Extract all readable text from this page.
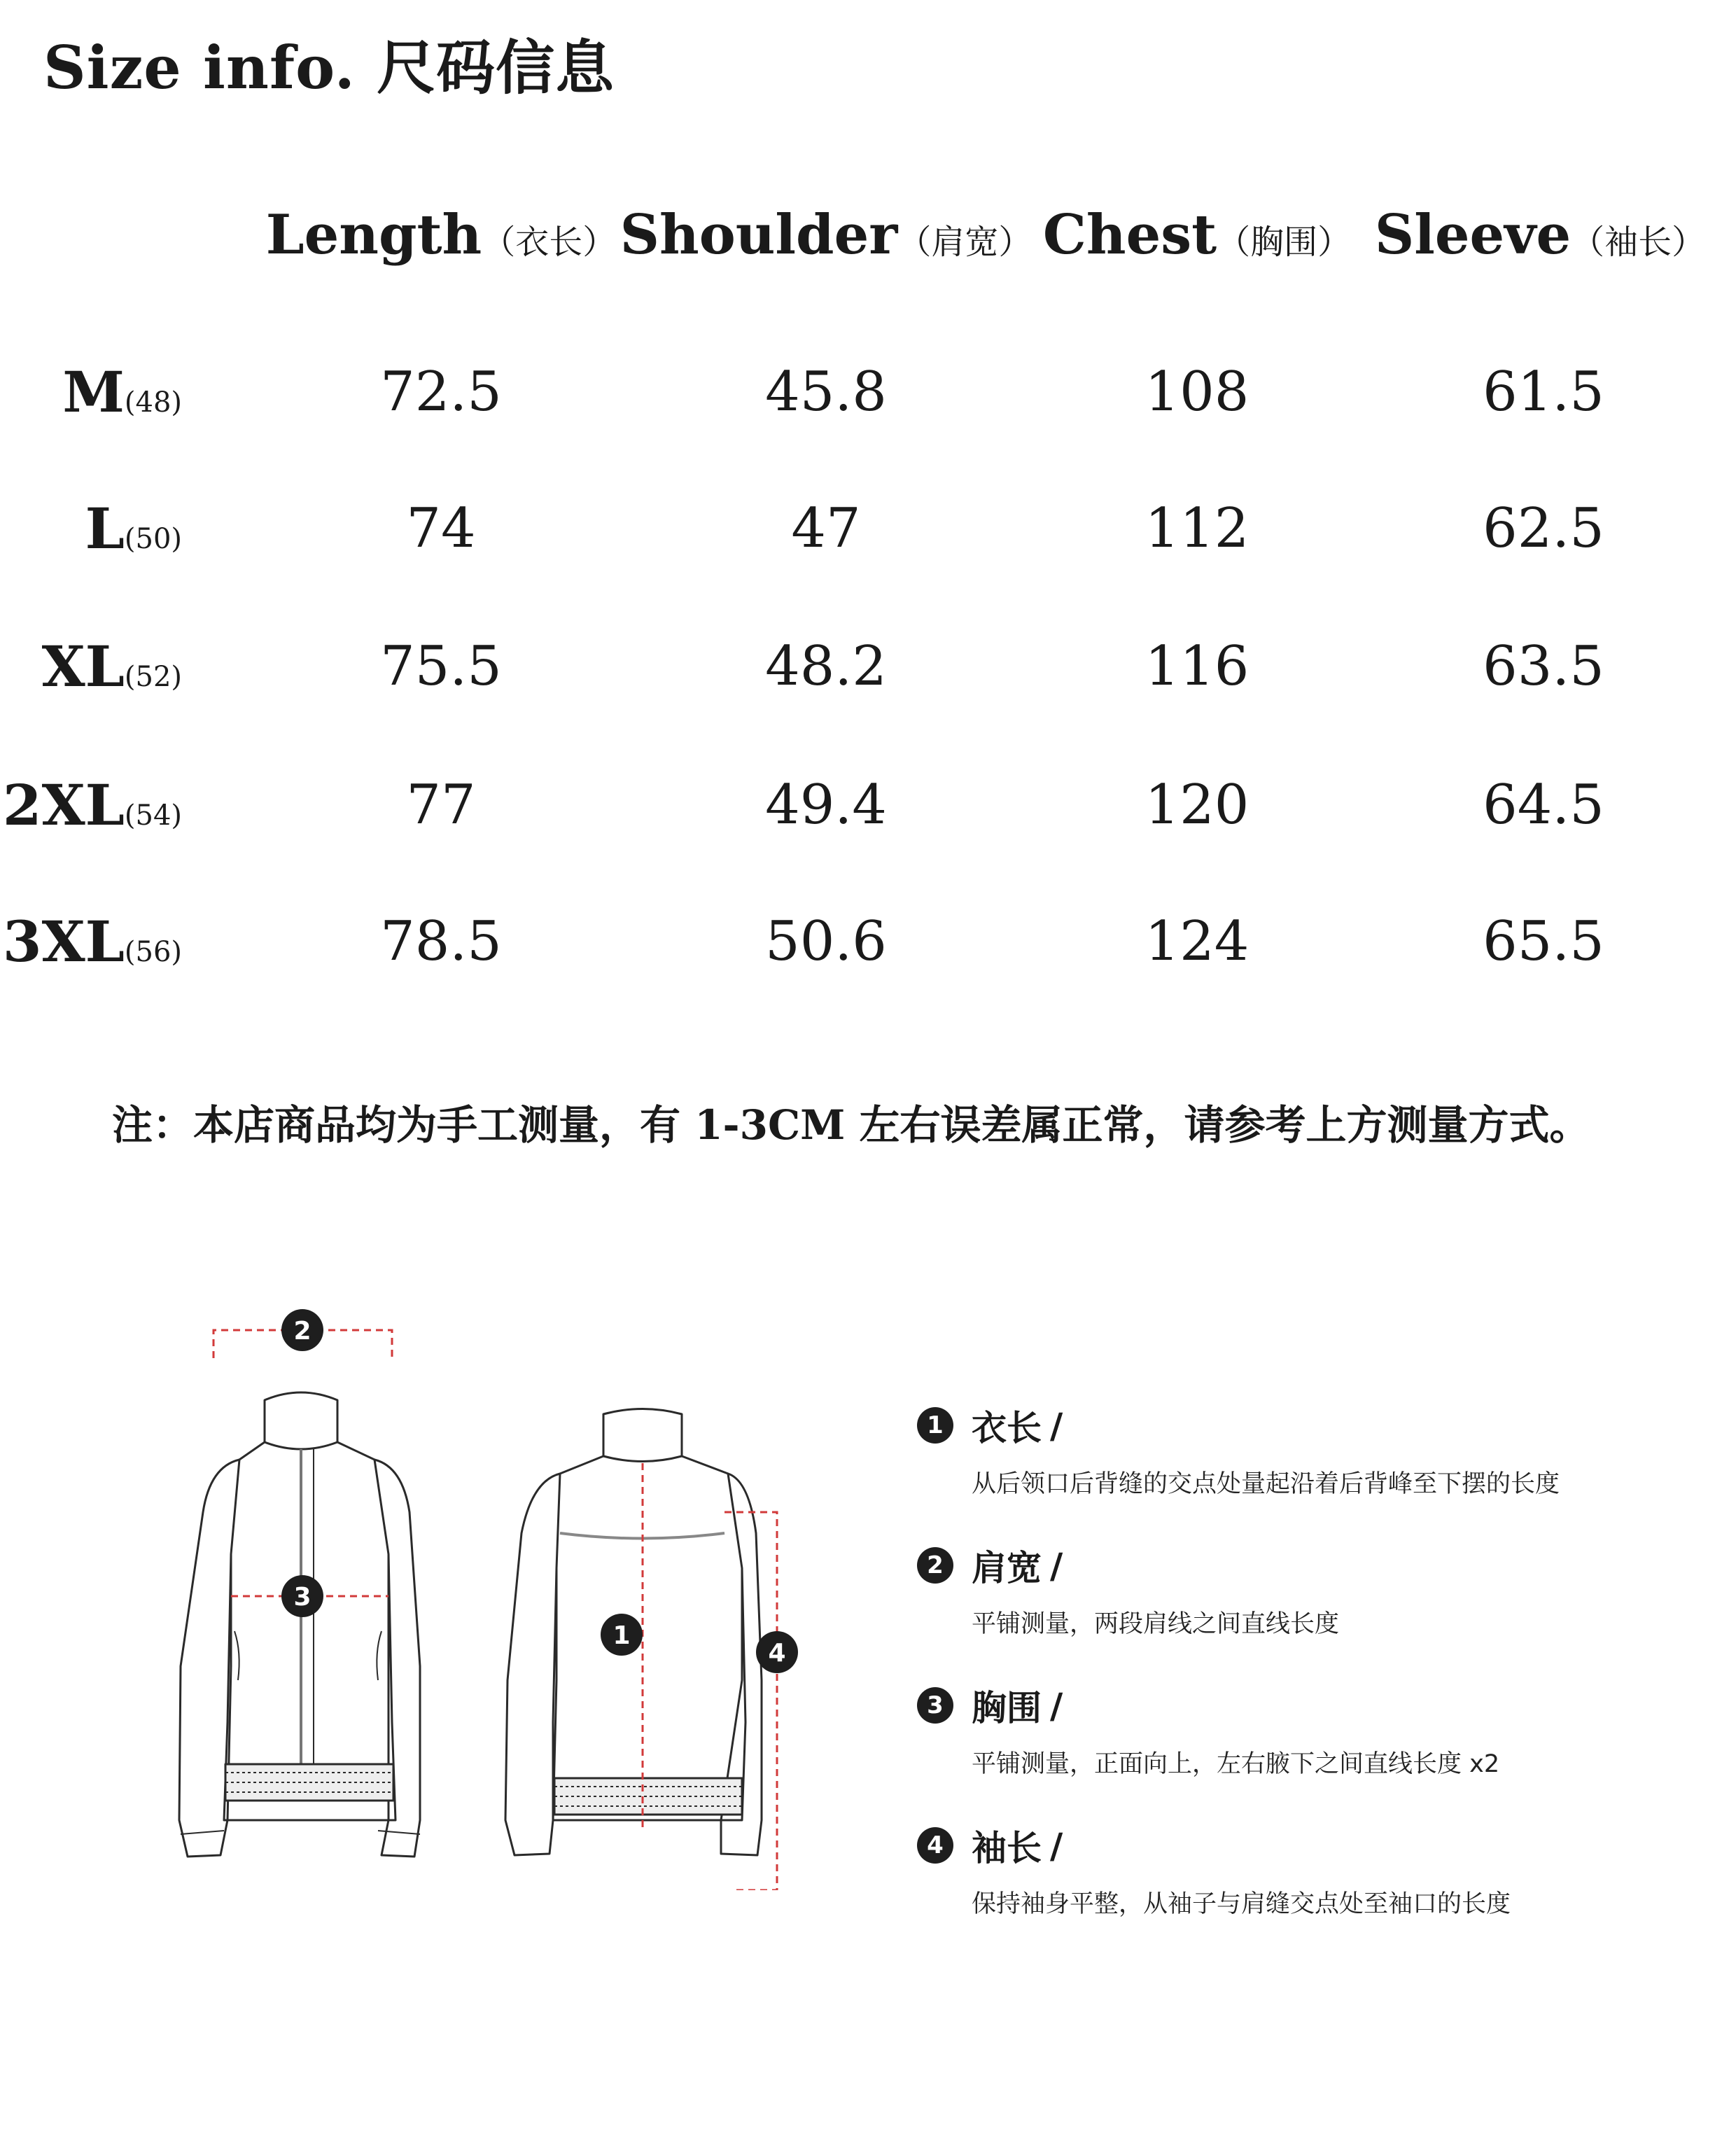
Size info. 尺码信息
Length（衣长） Shoulder（肩宽） Chest（胸围） Sleeve（袖长）
M(48)	72.5	45.8	108	61.5
L(50)	74	47	112	62.5
XL(52)	75.5	48.2	116	63.5
2XL(54)	77	49.4	120	64.5
3XL(56)	78.5	50.6	124	65.5
注：本店商品均为手工测量，有 1-3CM 左右误差属正常，请参考上方测量方式。
2
3
1
4
1 衣长 /
从后领口后背缝的交点处量起沿着后背峰至下摆的长度
2 肩宽 /
平铺测量，两段肩线之间直线长度
3 胸围 /
平铺测量，正面向上，左右腋下之间直线长度 x2
4 袖长 /
保持袖身平整，从袖子与肩缝交点处至袖口的长度
